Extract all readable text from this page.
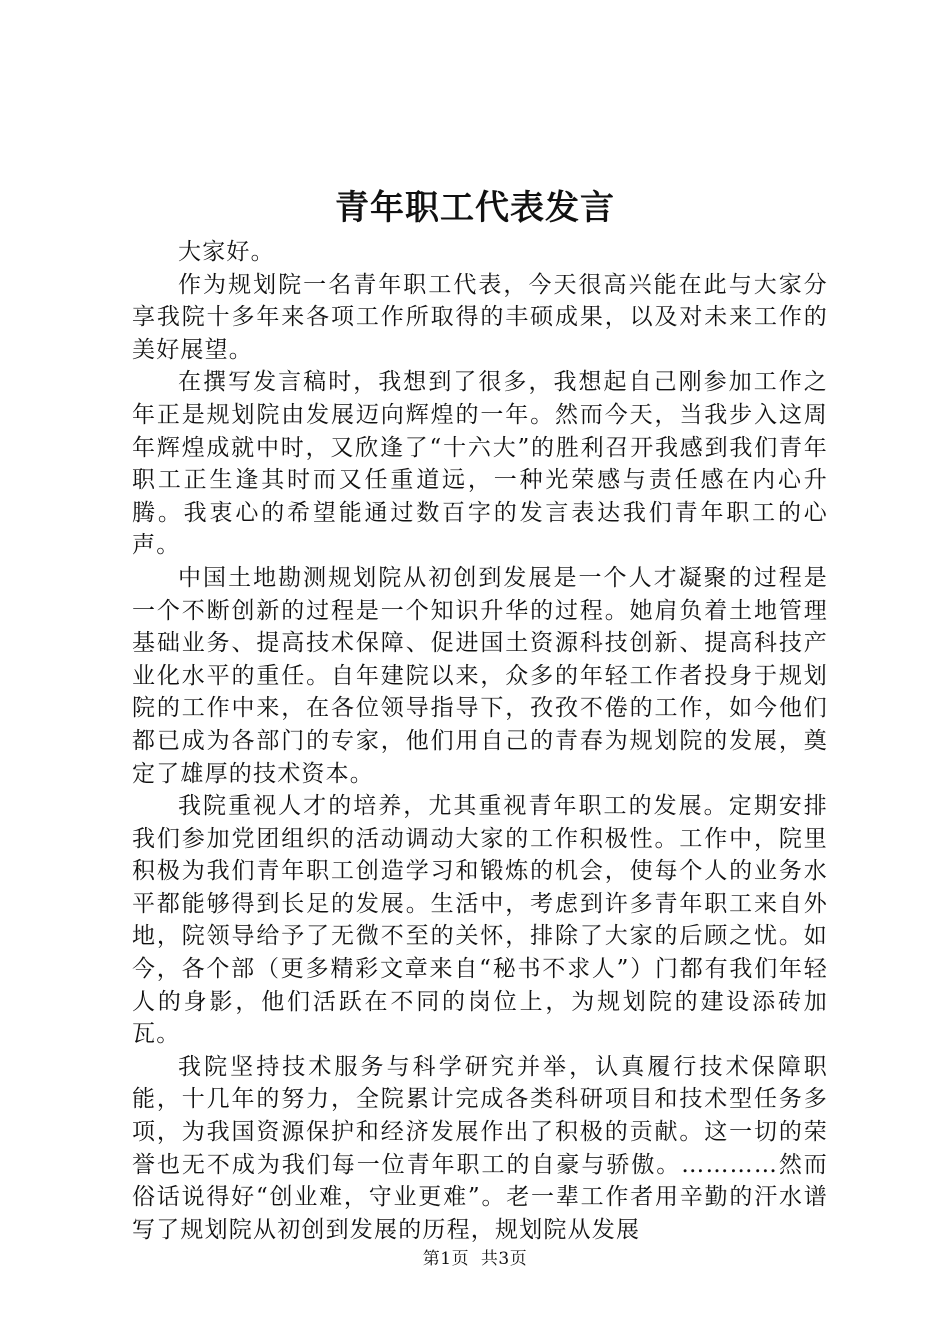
青年职工代表发言

大家好。

作为规划院一名青年职工代表，今天很高兴能在此与大家分享我院十多年来各项工作所取得的丰硕成果，以及对未来工作的美好展望。

在撰写发言稿时，我想到了很多，我想起自己刚参加工作之年正是规划院由发展迈向辉煌的一年。然而今天，当我步入这周年辉煌成就中时，又欣逢了“十六大”的胜利召开我感到我们青年职工正生逢其时而又任重道远，一种光荣感与责任感在内心升腾。我衷心的希望能通过数百字的发言表达我们青年职工的心声。

中国土地勘测规划院从初创到发展是一个人才凝聚的过程是一个不断创新的过程是一个知识升华的过程。她肩负着土地管理基础业务、提高技术保障、促进国土资源科技创新、提高科技产业化水平的重任。自年建院以来，众多的年轻工作者投身于规划院的工作中来，在各位领导指导下，孜孜不倦的工作，如今他们都已成为各部门的专家，他们用自己的青春为规划院的发展，奠定了雄厚的技术资本。

我院重视人才的培养，尤其重视青年职工的发展。定期安排我们参加党团组织的活动调动大家的工作积极性。工作中，院里积极为我们青年职工创造学习和锻炼的机会，使每个人的业务水平都能够得到长足的发展。生活中，考虑到许多青年职工来自外地，院领导给予了无微不至的关怀，排除了大家的后顾之忧。如今，各个部（更多精彩文章来自“秘书不求人”）门都有我们年轻人的身影，他们活跃在不同的岗位上，为规划院的建设添砖加瓦。

我院坚持技术服务与科学研究并举，认真履行技术保障职能，十几年的努力，全院累计完成各类科研项目和技术型任务多项，为我国资源保护和经济发展作出了积极的贡献。这一切的荣誉也无不成为我们每一位青年职工的自豪与骄傲。…………然而俗话说得好“创业难，守业更难”。老一辈工作者用辛勤的汗水谱写了规划院从初创到发展的历程，规划院从发展

第1页  共3页
